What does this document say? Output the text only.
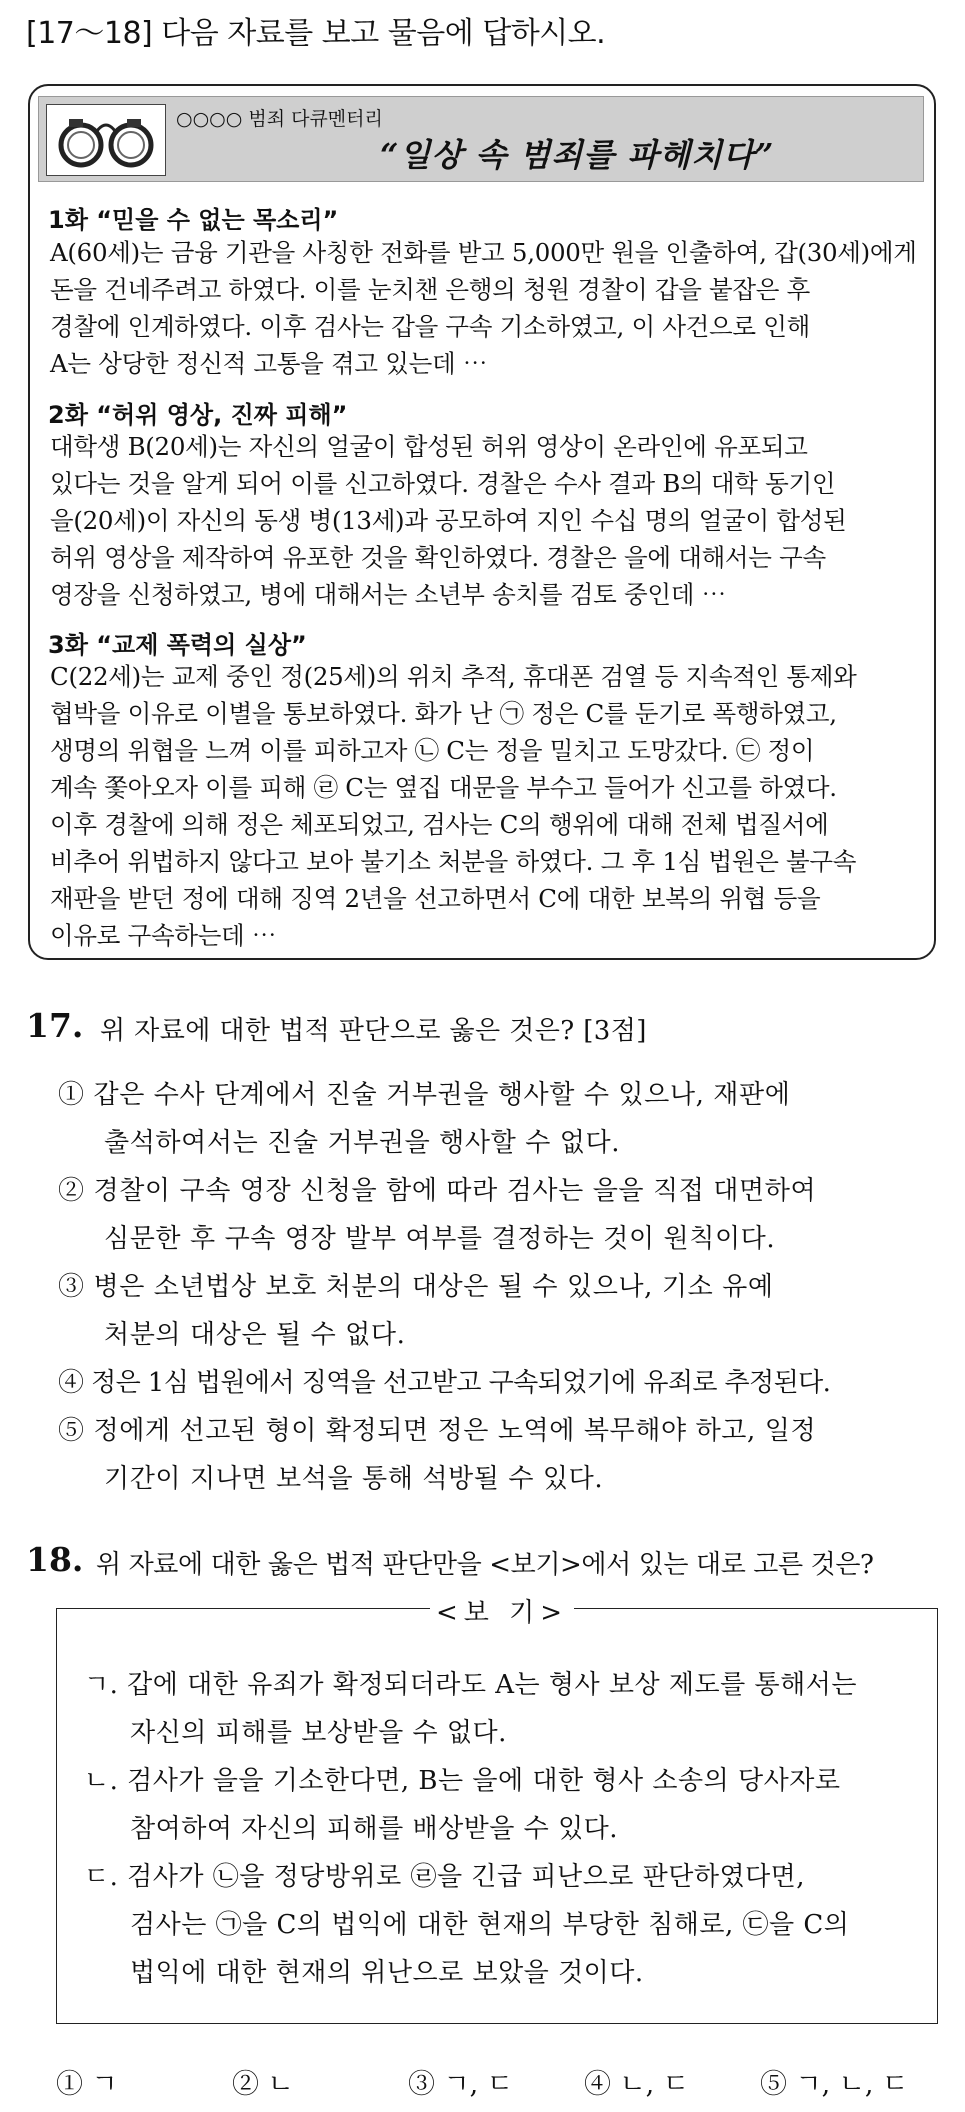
[17～18] 다음 자료를 보고 물음에 답하시오.
○○○○ 범죄 다큐멘터리
“일상 속 범죄를 파헤치다”
1화 “믿을 수 없는 목소리”
A(60세)는 금융 기관을 사칭한 전화를 받고 5,000만 원을 인출하여, 갑(30세)에게
돈을 건네주려고 하였다. 이를 눈치챈 은행의 청원 경찰이 갑을 붙잡은 후
경찰에 인계하였다. 이후 검사는 갑을 구속 기소하였고, 이 사건으로 인해
A는 상당한 정신적 고통을 겪고 있는데 ⋯
2화 “허위 영상, 진짜 피해”
대학생 B(20세)는 자신의 얼굴이 합성된 허위 영상이 온라인에 유포되고
있다는 것을 알게 되어 이를 신고하였다. 경찰은 수사 결과 B의 대학 동기인
을(20세)이 자신의 동생 병(13세)과 공모하여 지인 수십 명의 얼굴이 합성된
허위 영상을 제작하여 유포한 것을 확인하였다. 경찰은 을에 대해서는 구속
영장을 신청하였고, 병에 대해서는 소년부 송치를 검토 중인데 ⋯
3화 “교제 폭력의 실상”
C(22세)는 교제 중인 정(25세)의 위치 추적, 휴대폰 검열 등 지속적인 통제와
협박을 이유로 이별을 통보하였다. 화가 난 ㉠ 정은 C를 둔기로 폭행하였고,
생명의 위협을 느껴 이를 피하고자 ㉡ C는 정을 밀치고 도망갔다. ㉢ 정이
계속 쫓아오자 이를 피해 ㉣ C는 옆집 대문을 부수고 들어가 신고를 하였다.
이후 경찰에 의해 정은 체포되었고, 검사는 C의 행위에 대해 전체 법질서에
비추어 위법하지 않다고 보아 불기소 처분을 하였다. 그 후 1심 법원은 불구속
재판을 받던 정에 대해 징역 2년을 선고하면서 C에 대한 보복의 위협 등을
이유로 구속하는데 ⋯
17. 위 자료에 대한 법적 판단으로 옳은 것은? [3점]
① 갑은 수사 단계에서 진술 거부권을 행사할 수 있으나, 재판에
출석하여서는 진술 거부권을 행사할 수 없다.
② 경찰이 구속 영장 신청을 함에 따라 검사는 을을 직접 대면하여
심문한 후 구속 영장 발부 여부를 결정하는 것이 원칙이다.
③ 병은 소년법상 보호 처분의 대상은 될 수 있으나, 기소 유예
처분의 대상은 될 수 없다.
④ 정은 1심 법원에서 징역을 선고받고 구속되었기에 유죄로 추정된다.
⑤ 정에게 선고된 형이 확정되면 정은 노역에 복무해야 하고, 일정
기간이 지나면 보석을 통해 석방될 수 있다.
18. 위 자료에 대한 옳은 법적 판단만을 <보기>에서 있는 대로 고른 것은?
<보 기>
ㄱ. 갑에 대한 유죄가 확정되더라도 A는 형사 보상 제도를 통해서는
자신의 피해를 보상받을 수 없다.
ㄴ. 검사가 을을 기소한다면, B는 을에 대한 형사 소송의 당사자로
참여하여 자신의 피해를 배상받을 수 있다.
ㄷ. 검사가 ㉡을 정당방위로 ㉣을 긴급 피난으로 판단하였다면,
검사는 ㉠을 C의 법익에 대한 현재의 부당한 침해로, ㉢을 C의
법익에 대한 현재의 위난으로 보았을 것이다.
① ㄱ	② ㄴ	③ ㄱ, ㄷ	④ ㄴ, ㄷ	⑤ ㄱ, ㄴ, ㄷ
